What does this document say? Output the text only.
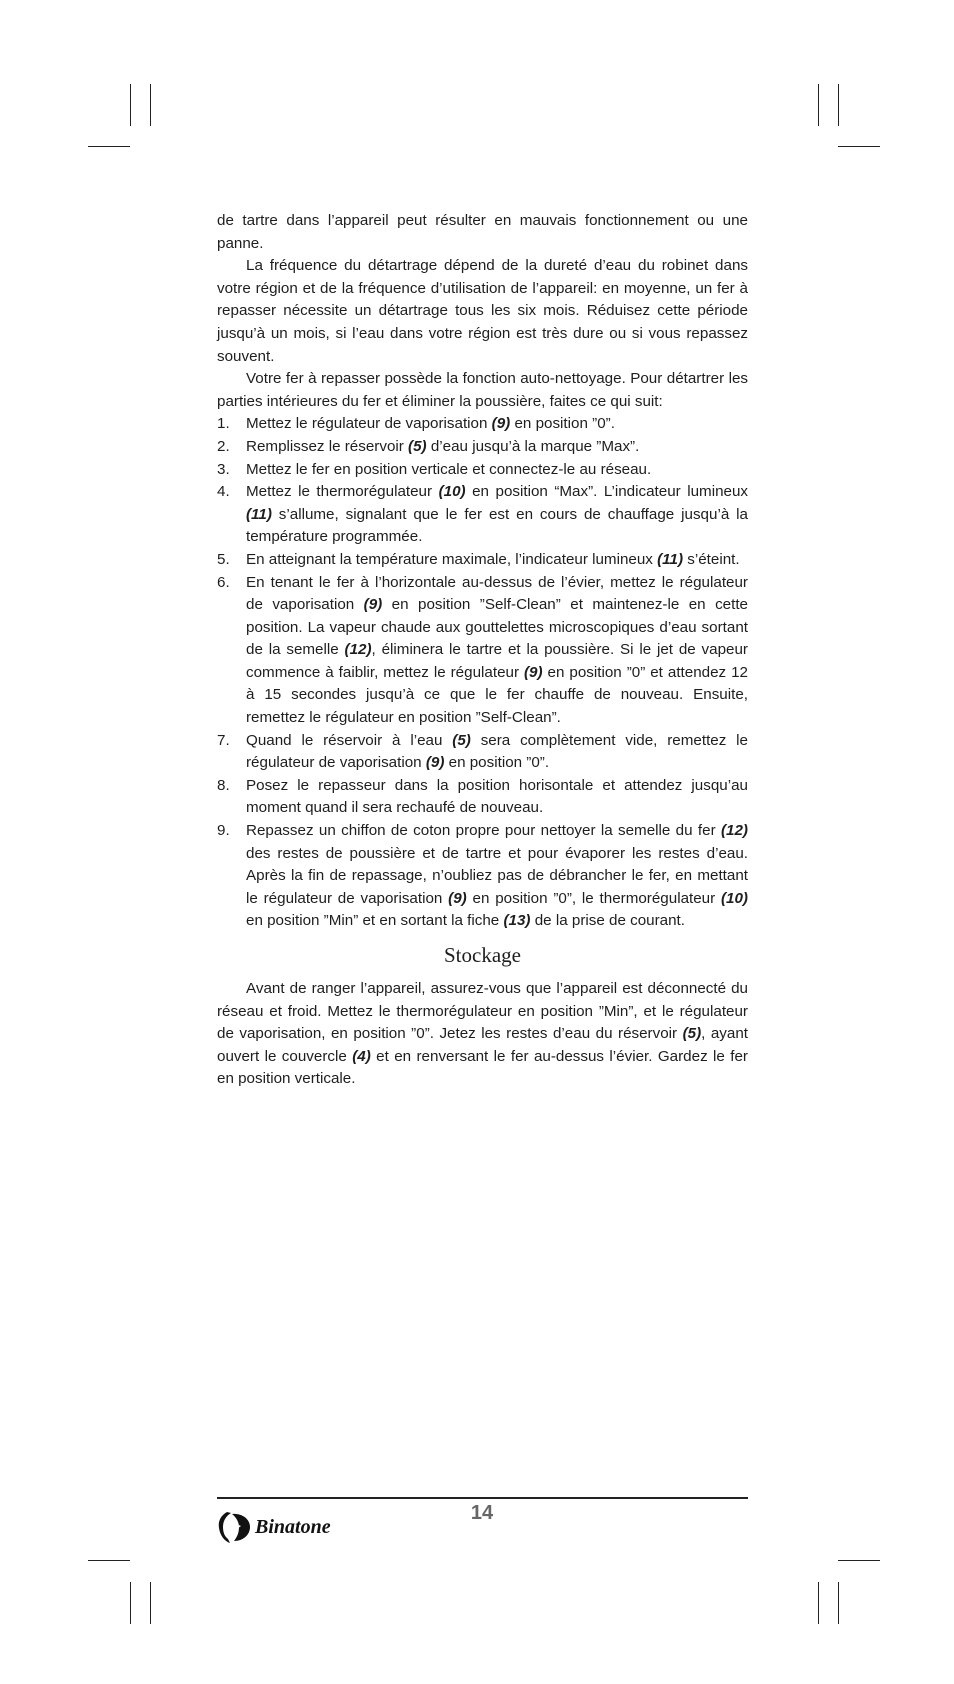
de tartre dans l’appareil peut résulter en mauvais fonctionnement ou une panne.

La fréquence du détartrage dépend de la dureté d’eau du robinet dans votre région et de la fréquence d’utilisation de l’appareil: en moyenne, un fer à repasser nécessite un détartrage tous les six mois. Réduisez cette période jusqu’à un mois, si l’eau dans votre région est très dure ou si vous repassez souvent.

Votre fer à repasser possède la fonction auto-nettoyage. Pour détartrer les parties intérieures du fer et éliminer la poussière, faites ce qui suit:

1. Mettez le régulateur de vaporisation (9) en position ”0”.
2. Remplissez le réservoir (5) d’eau jusqu’à la marque ”Max”.
3. Mettez le fer en position verticale et connectez-le au réseau.
4. Mettez le thermorégulateur (10) en position “Max”. L’indicateur lumineux (11) s’allume, signalant que le fer est en cours de chauffage jusqu’à la température programmée.
5. En atteignant la température maximale, l’indicateur lumineux (11) s’éteint.
6. En tenant le fer à l’horizontale au-dessus de l’évier, mettez le régulateur de vaporisation (9) en position ”Self-Clean” et maintenez-le en cette position. La vapeur chaude aux gouttelettes microscopiques d’eau sortant de la semelle (12), éliminera le tartre et la poussière. Si le jet de vapeur commence à faiblir, mettez le régulateur (9) en position ”0” et attendez 12 à 15 secondes jusqu’à ce que le fer chauffe de nouveau. Ensuite, remettez le régulateur en position ”Self-Clean”.
7. Quand le réservoir à l’eau (5) sera complètement vide, remettez le régulateur de vaporisation (9) en position ”0”.
8. Posez le repasseur dans la position horisontale et attendez jusqu’au moment quand il sera rechaufé de nouveau.
9. Repassez un chiffon de coton propre pour nettoyer la semelle du fer (12) des restes de poussière et de tartre et pour évaporer les restes d’eau. Après la fin de repassage, n’oubliez pas de débrancher le fer, en mettant le régulateur de vaporisation (9) en position ”0”, le thermorégulateur (10) en position ”Min” et en sortant la fiche (13) de la prise de courant.
Stockage

Avant de ranger l’appareil, assurez-vous que l’appareil est déconnecté du réseau et froid. Mettez le thermorégulateur en position ”Min”, et le régulateur de vaporisation, en position ”0”. Jetez les restes d’eau du réservoir (5), ayant ouvert le couvercle (4) et en renversant le fer au-dessus l’évier. Gardez le fer en position verticale.

Binatone
14
